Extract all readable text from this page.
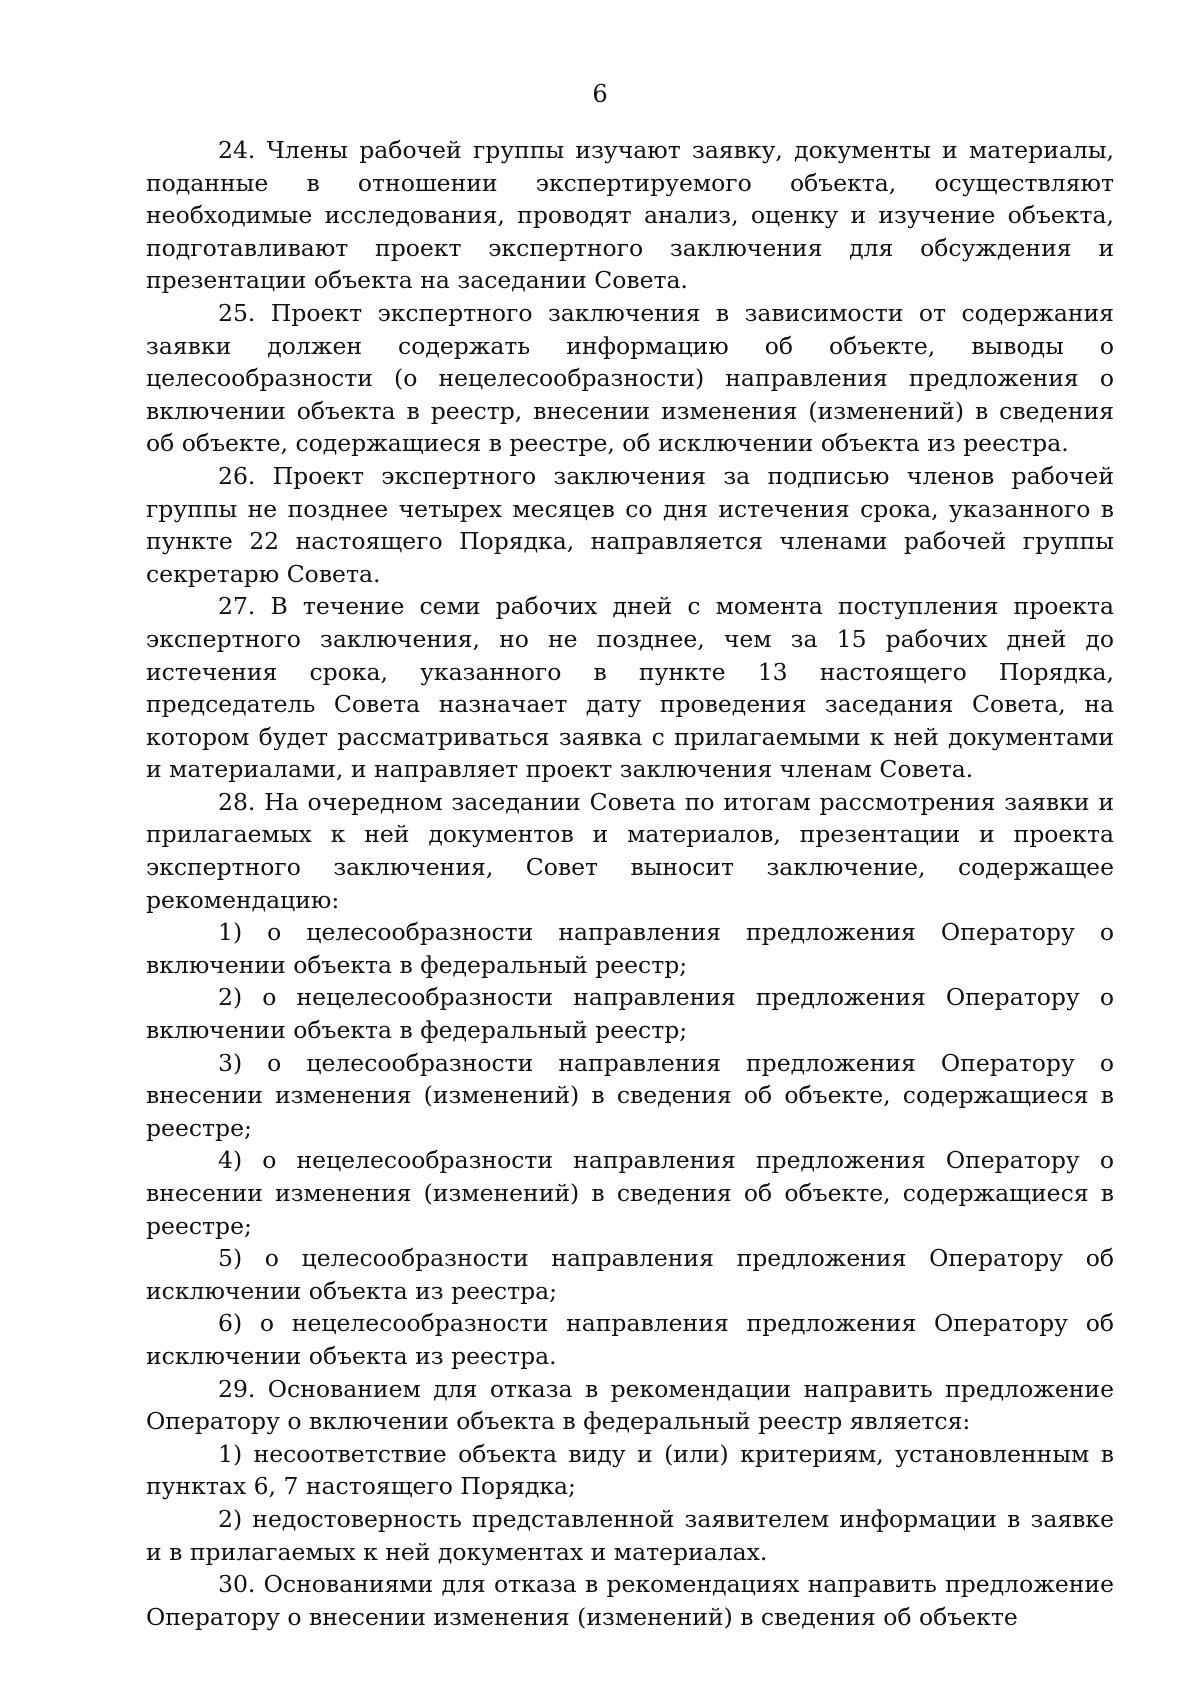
6

24. Члены рабочей группы изучают заявку, документы и материалы, поданные в отношении экспертируемого объекта, осуществляют необходимые исследования, проводят анализ, оценку и изучение объекта, подготавливают проект экспертного заключения для обсуждения и презентации объекта на заседании Совета.

25. Проект экспертного заключения в зависимости от содержания заявки должен содержать информацию об объекте, выводы о целесообразности (о нецелесообразности) направления предложения о включении объекта в реестр, внесении изменения (изменений) в сведения об объекте, содержащиеся в реестре, об исключении объекта из реестра.

26. Проект экспертного заключения за подписью членов рабочей группы не позднее четырех месяцев со дня истечения срока, указанного в пункте 22 настоящего Порядка, направляется членами рабочей группы секретарю Совета.

27. В течение семи рабочих дней с момента поступления проекта экспертного заключения, но не позднее, чем за 15 рабочих дней до истечения срока, указанного в пункте 13 настоящего Порядка, председатель Совета назначает дату проведения заседания Совета, на котором будет рассматриваться заявка с прилагаемыми к ней документами и материалами, и направляет проект заключения членам Совета.

28. На очередном заседании Совета по итогам рассмотрения заявки и прилагаемых к ней документов и материалов, презентации и проекта экспертного заключения, Совет выносит заключение, содержащее рекомендацию:

1) о целесообразности направления предложения Оператору о включении объекта в федеральный реестр;

2) о нецелесообразности направления предложения Оператору о включении объекта в федеральный реестр;

3) о целесообразности направления предложения Оператору о внесении изменения (изменений) в сведения об объекте, содержащиеся в реестре;

4) о нецелесообразности направления предложения Оператору о внесении изменения (изменений) в сведения об объекте, содержащиеся в реестре;

5) о целесообразности направления предложения Оператору об исключении объекта из реестра;

6) о нецелесообразности направления предложения Оператору об исключении объекта из реестра.

29. Основанием для отказа в рекомендации направить предложение Оператору о включении объекта в федеральный реестр является:

1) несоответствие объекта виду и (или) критериям, установленным в пунктах 6, 7 настоящего Порядка;

2) недостоверность представленной заявителем информации в заявке и в прилагаемых к ней документах и материалах.

30. Основаниями для отказа в рекомендациях направить предложение Оператору о внесении изменения (изменений) в сведения об объекте
